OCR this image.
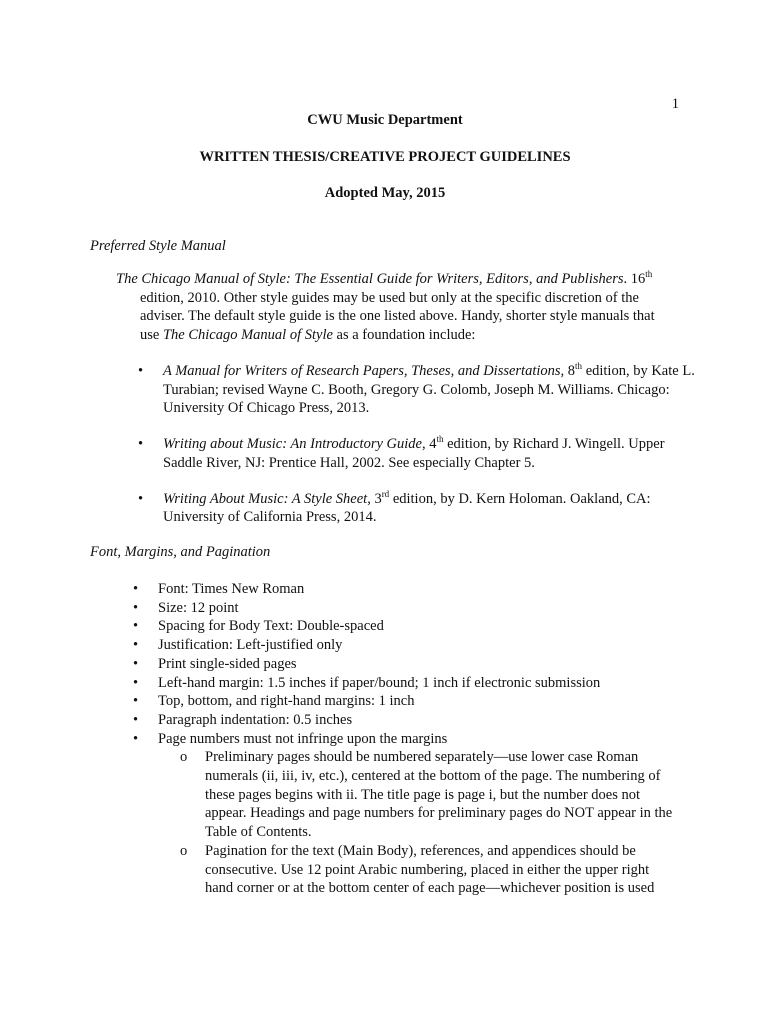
1
CWU Music Department
WRITTEN THESIS/CREATIVE PROJECT GUIDELINES
Adopted May, 2015
Preferred Style Manual
The Chicago Manual of Style: The Essential Guide for Writers, Editors, and Publishers. 16th
edition, 2010. Other style guides may be used but only at the specific discretion of the adviser. The default style guide is the one listed above. Handy, shorter style manuals that use The Chicago Manual of Style as a foundation include:
• A Manual for Writers of Research Papers, Theses, and Dissertations, 8th edition, by Kate L. Turabian; revised Wayne C. Booth, Gregory G. Colomb, Joseph M. Williams. Chicago: University Of Chicago Press, 2013.
• Writing about Music: An Introductory Guide, 4th edition, by Richard J. Wingell. Upper Saddle River, NJ: Prentice Hall, 2002. See especially Chapter 5.
• Writing About Music: A Style Sheet, 3rd edition, by D. Kern Holoman. Oakland, CA: University of California Press, 2014.
Font, Margins, and Pagination
• Font: Times New Roman
• Size: 12 point
• Spacing for Body Text: Double-spaced
• Justification: Left-justified only
• Print single-sided pages
• Left-hand margin: 1.5 inches if paper/bound; 1 inch if electronic submission
• Top, bottom, and right-hand margins: 1 inch
• Paragraph indentation: 0.5 inches
• Page numbers must not infringe upon the margins
o Preliminary pages should be numbered separately—use lower case Roman numerals (ii, iii, iv, etc.), centered at the bottom of the page. The numbering of these pages begins with ii. The title page is page i, but the number does not appear. Headings and page numbers for preliminary pages do NOT appear in the Table of Contents.
o Pagination for the text (Main Body), references, and appendices should be consecutive. Use 12 point Arabic numbering, placed in either the upper right hand corner or at the bottom center of each page—whichever position is used
